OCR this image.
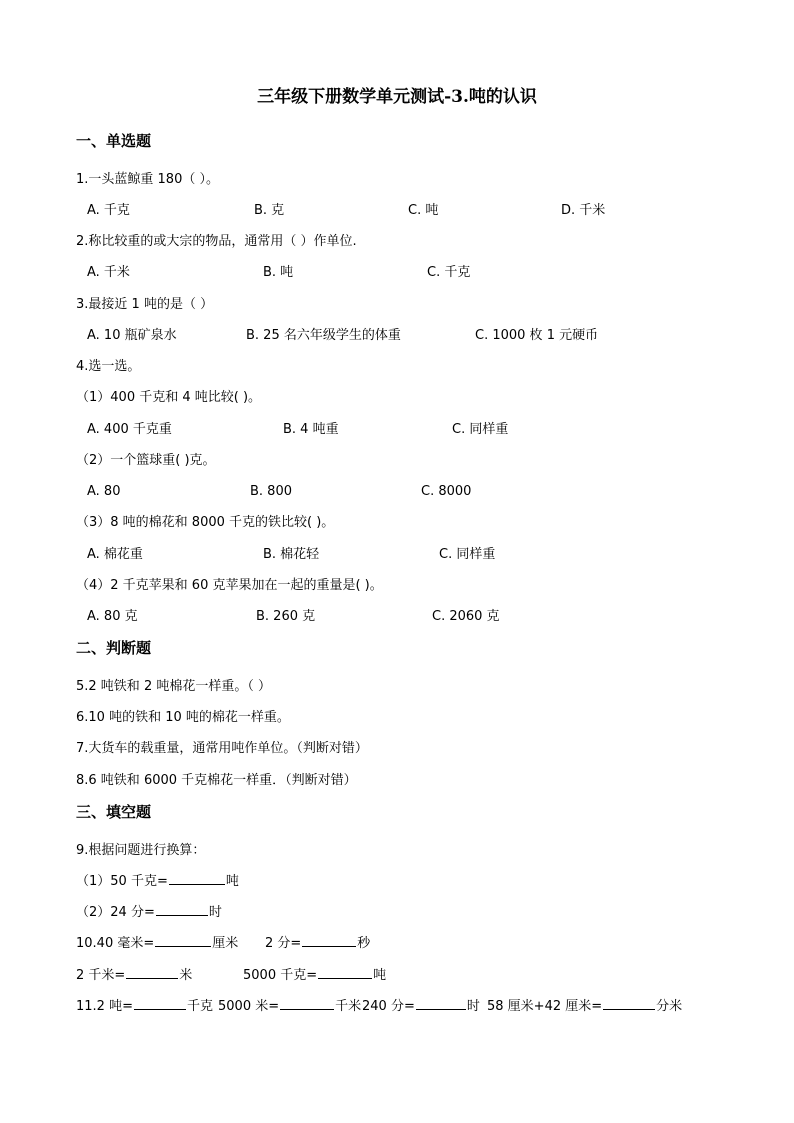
三年级下册数学单元测试-3.吨的认识
一、单选题
1.一头蓝鲸重 180（ ）。
A. 千克	B. 克	C. 吨	D. 千米
2.称比较重的或大宗的物品，通常用（ ）作单位.
A. 千米	B. 吨	C. 千克
3.最接近 1 吨的是（ ）
A. 10 瓶矿泉水	B. 25 名六年级学生的体重	C. 1000 枚 1 元硬币
4.选一选。
（1）400 千克和 4 吨比较( )。
A. 400 千克重	B. 4 吨重	C. 同样重
（2）一个篮球重( )克。
A. 80	B. 800	C. 8000
（3）8 吨的棉花和 8000 千克的铁比较( )。
A. 棉花重	B. 棉花轻	C. 同样重
（4）2 千克苹果和 60 克苹果加在一起的重量是( )。
A. 80 克	B. 260 克	C. 2060 克
二、判断题
5.2 吨铁和 2 吨棉花一样重。（ ）
6.10 吨的铁和 10 吨的棉花一样重。
7.大货车的载重量，通常用吨作单位。（判断对错）
8.6 吨铁和 6000 千克棉花一样重．（判断对错）
三、填空题
9.根据问题进行换算：
（1）50 千克=	吨
（2）24 分=	时
10.40 毫米=	厘米 2 分=	秒
2 千米=	米	5000 千克=	吨
11.2 吨=	千克 5000 米=	千米 240 分=	时 58 厘米+42 厘米=	分米
